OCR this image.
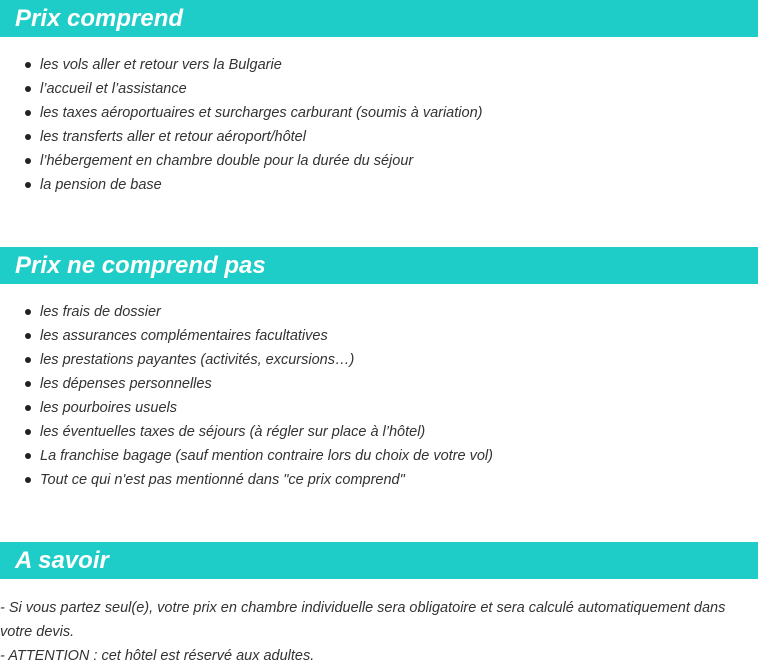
Prix comprend
les vols aller et retour vers la Bulgarie
l’accueil et l’assistance
les taxes aéroportuaires et surcharges carburant (soumis à variation)
les transferts aller et retour aéroport/hôtel
l’hébergement en chambre double pour la durée du séjour
la pension de base
Prix ne comprend pas
les frais de dossier
les assurances complémentaires facultatives
les prestations payantes (activités, excursions…)
les dépenses personnelles
les pourboires usuels
les éventuelles taxes de séjours (à régler sur place à l’hôtel)
La franchise bagage (sauf mention contraire lors du choix de votre vol)
Tout ce qui n'est pas mentionné dans "ce prix comprend"
A savoir

- Si vous partez seul(e), votre prix en chambre individuelle sera obligatoire et sera calculé automatiquement dans votre devis.

- ATTENTION : cet hôtel est réservé aux adultes.
